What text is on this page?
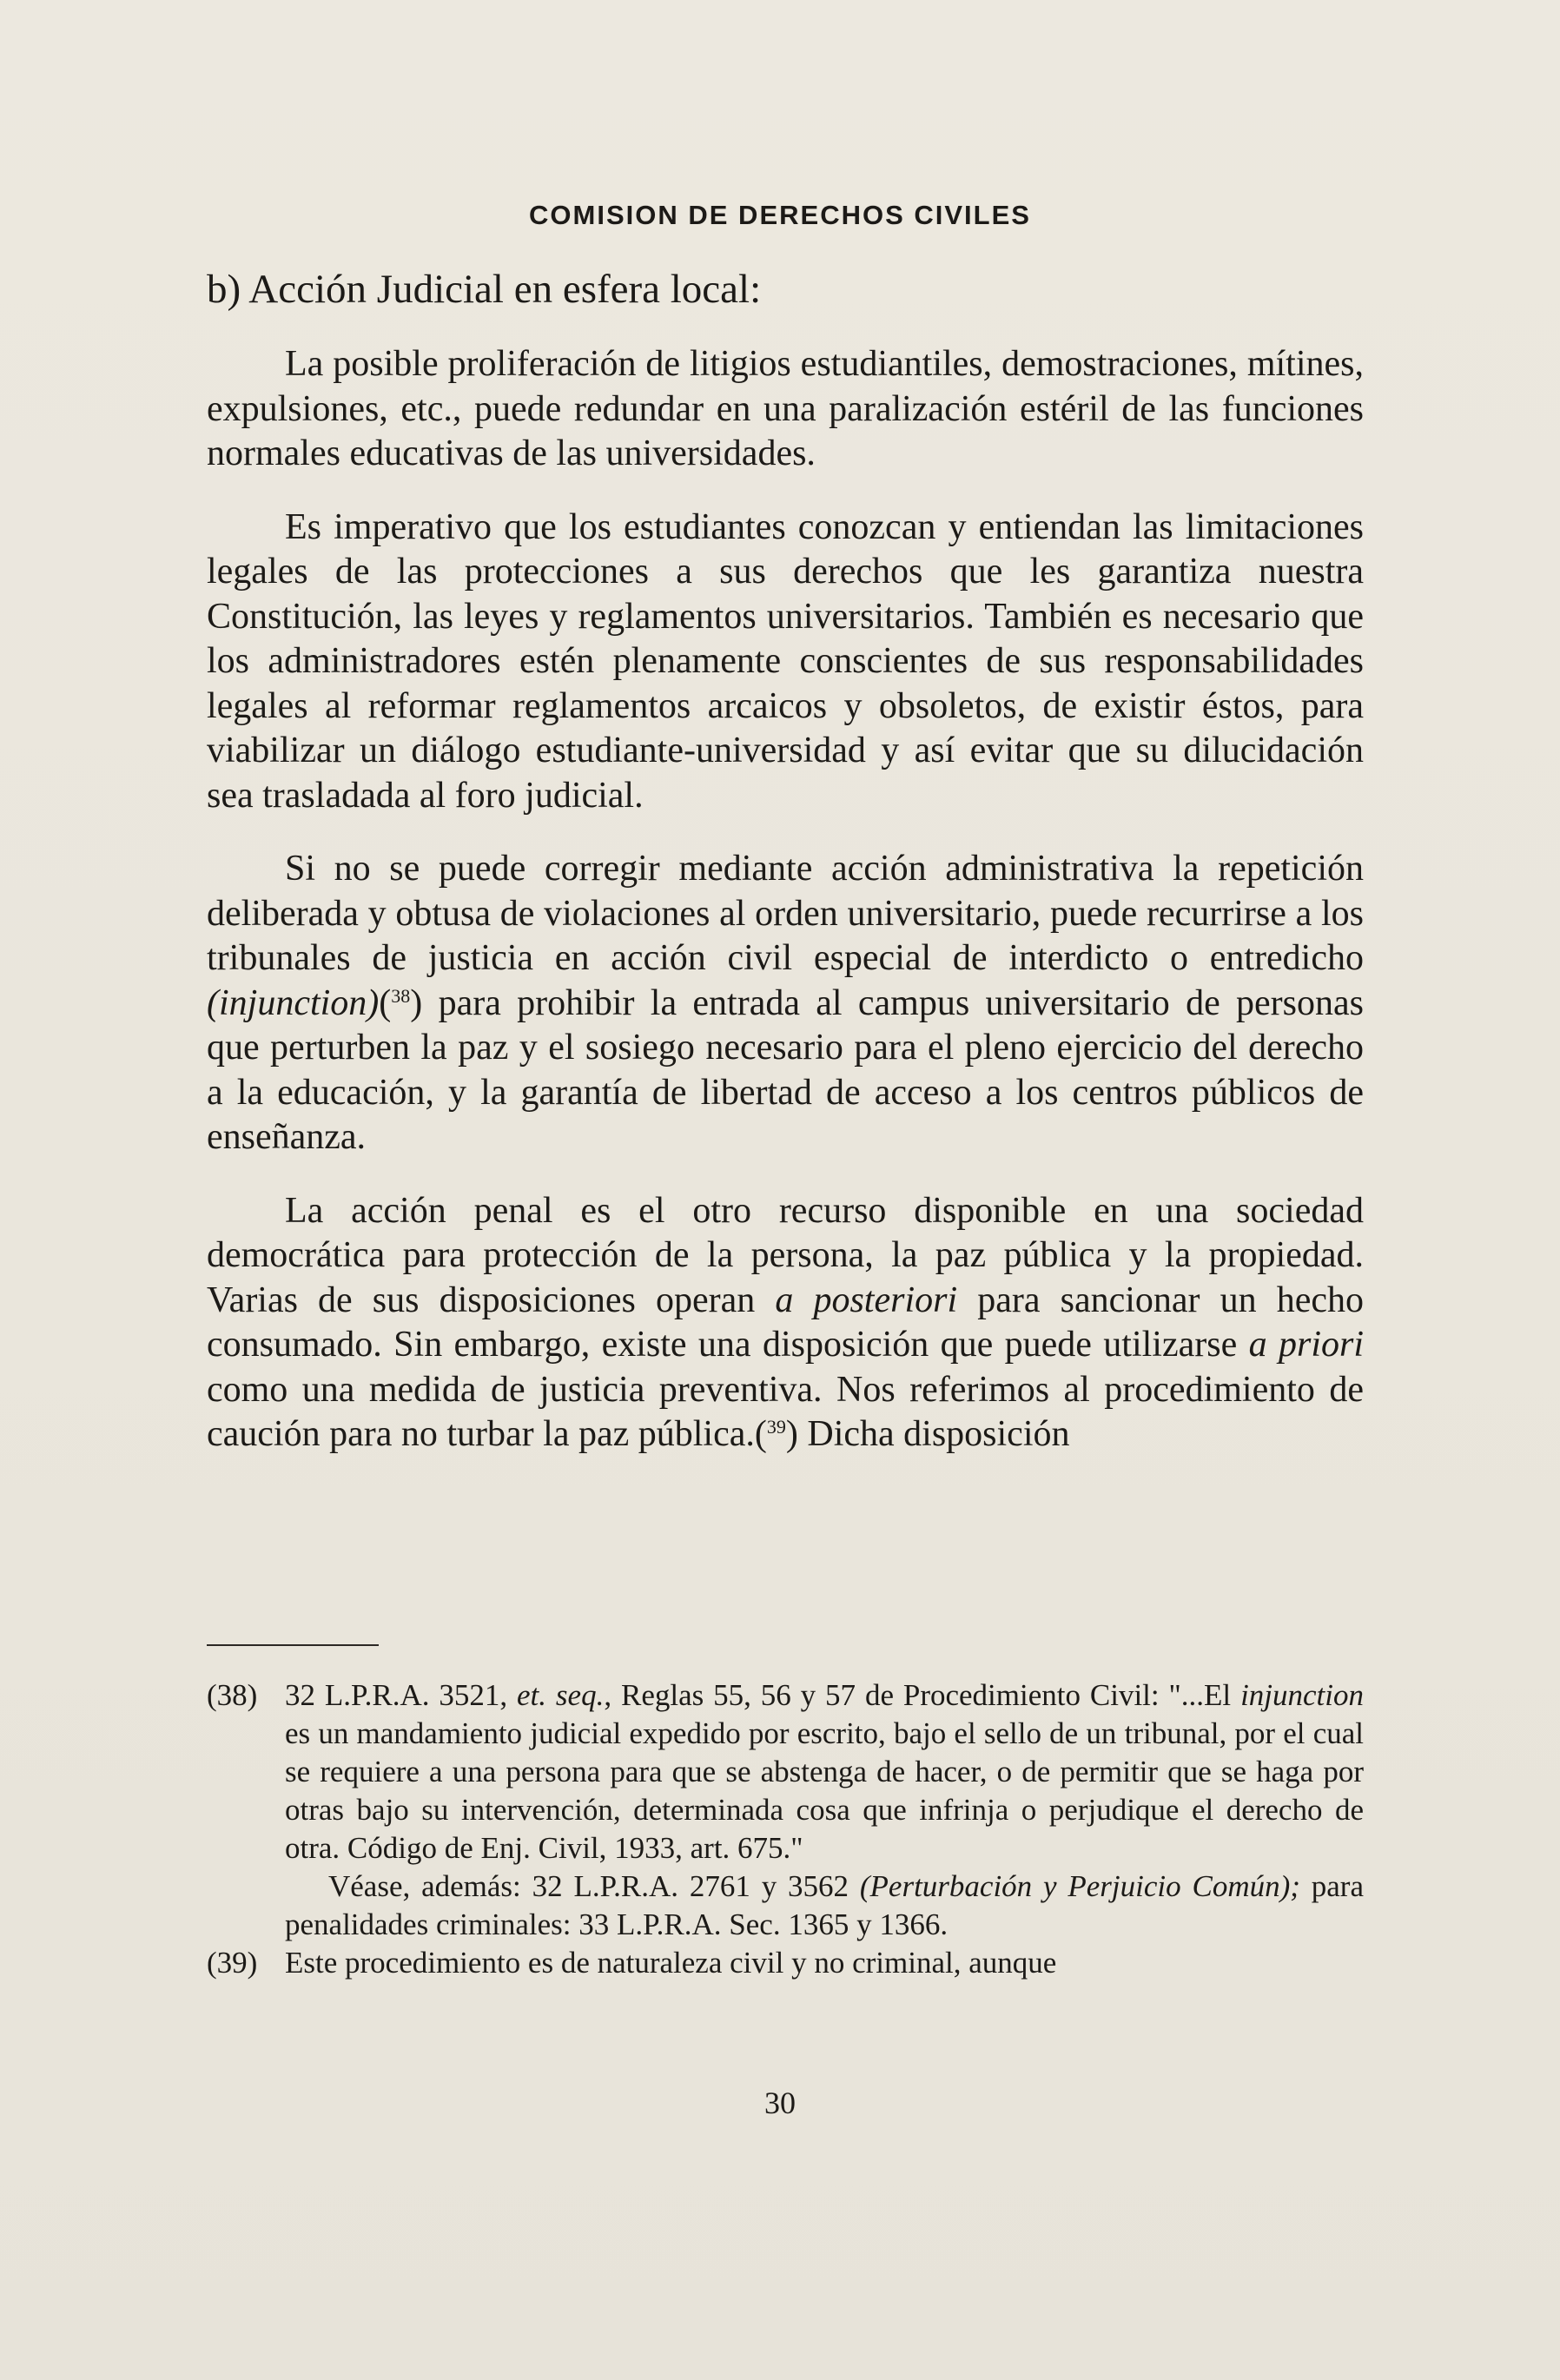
COMISION DE DERECHOS CIVILES
b) Acción Judicial en esfera local:

La posible proliferación de litigios estudiantiles, demostraciones, mítines, expulsiones, etc., puede redundar en una paralización estéril de las funciones normales educativas de las universidades.

Es imperativo que los estudiantes conozcan y entiendan las limitaciones legales de las protecciones a sus derechos que les garantiza nuestra Constitución, las leyes y reglamentos universitarios. También es necesario que los administradores estén plenamente conscientes de sus responsabilidades legales al reformar reglamentos arcaicos y obsoletos, de existir éstos, para viabilizar un diálogo estudiante-universidad y así evitar que su dilucidación sea trasladada al foro judicial.

Si no se puede corregir mediante acción administrativa la repetición deliberada y obtusa de violaciones al orden universitario, puede recurrirse a los tribunales de justicia en acción civil especial de interdicto o entredicho (injunction)($^{38}$) para prohibir la entrada al campus universitario de personas que perturben la paz y el sosiego necesario para el pleno ejercicio del derecho a la educación, y la garantía de libertad de acceso a los centros públicos de enseñanza.

La acción penal es el otro recurso disponible en una sociedad democrática para protección de la persona, la paz pública y la propiedad. Varias de sus disposiciones operan a posteriori para sancionar un hecho consumado. Sin embargo, existe una disposición que puede utilizarse a priori como una medida de justicia preventiva. Nos referimos al procedimiento de caución para no turbar la paz pública.($^{39}$) Dicha disposición

(38) 32 L.P.R.A. 3521, et. seq., Reglas 55, 56 y 57 de Procedimiento Civil: "...El injunction es un mandamiento judicial expedido por escrito, bajo el sello de un tribunal, por el cual se requiere a una persona para que se abstenga de hacer, o de permitir que se haga por otras bajo su intervención, determinada cosa que infrinja o perjudique el derecho de otra. Código de Enj. Civil, 1933, art. 675."

Véase, además: 32 L.P.R.A. 2761 y 3562 (Perturbación y Perjuicio Común); para penalidades criminales: 33 L.P.R.A. Sec. 1365 y 1366.

(39) Este procedimiento es de naturaleza civil y no criminal, aunque

30
